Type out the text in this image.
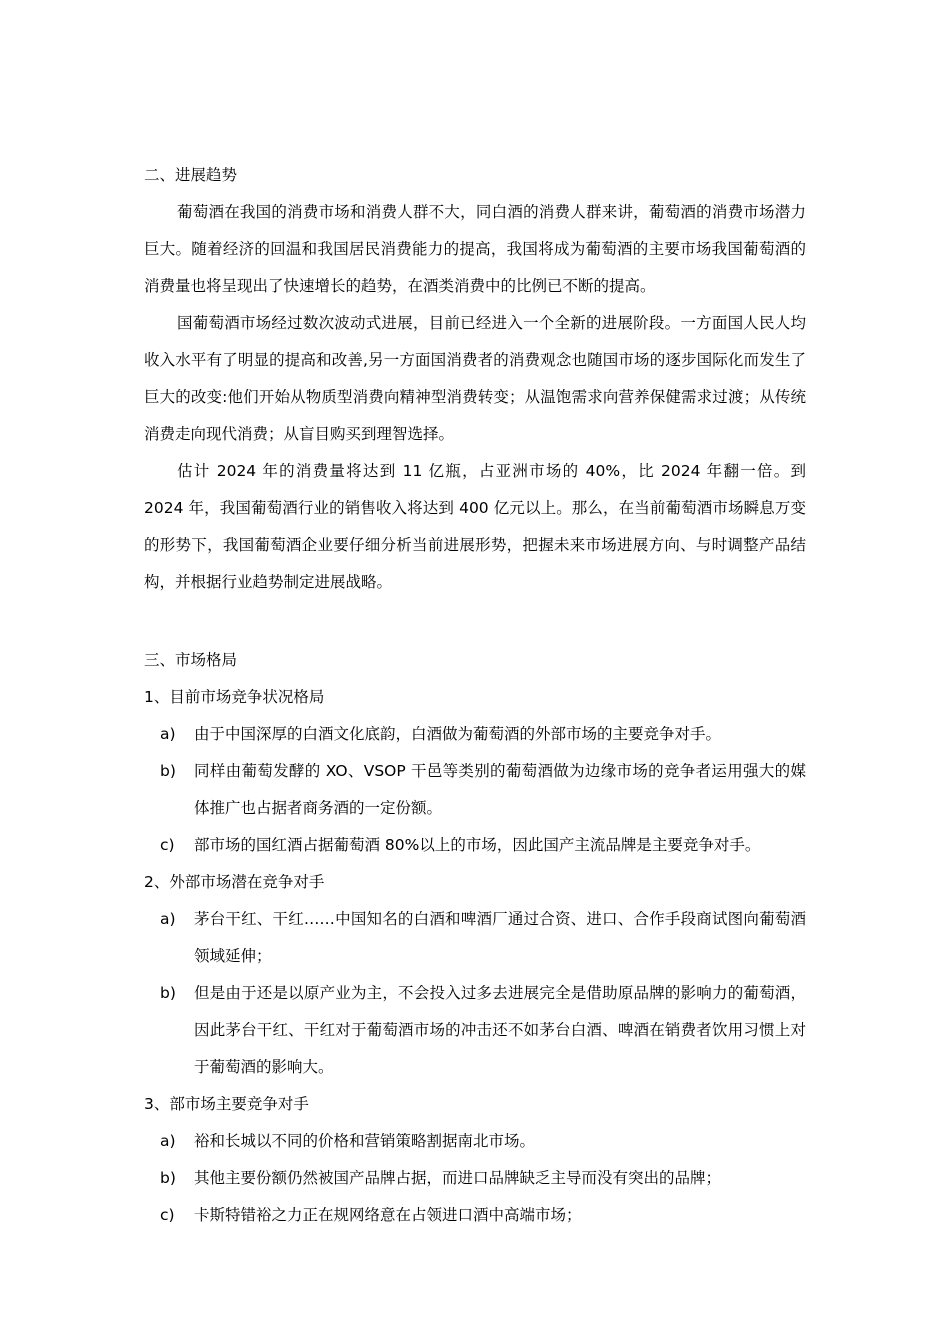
二、进展趋势

葡萄酒在我国的消费市场和消费人群不大，同白酒的消费人群来讲，葡萄酒的消费市场潜力巨大。随着经济的回温和我国居民消费能力的提高，我国将成为葡萄酒的主要市场我国葡萄酒的消费量也将呈现出了快速增长的趋势，在酒类消费中的比例已不断的提高。

国葡萄酒市场经过数次波动式进展，目前已经进入一个全新的进展阶段。一方面国人民人均收入水平有了明显的提高和改善,另一方面国消费者的消费观念也随国市场的逐步国际化而发生了巨大的改变:他们开始从物质型消费向精神型消费转变；从温饱需求向营养保健需求过渡；从传统消费走向现代消费；从盲目购买到理智选择。

估计 2024 年的消费量将达到 11 亿瓶，占亚洲市场的 40%，比 2024 年翻一倍。到 2024 年，我国葡萄酒行业的销售收入将达到 400 亿元以上。那么，在当前葡萄酒市场瞬息万变的形势下，我国葡萄酒企业要仔细分析当前进展形势，把握未来市场进展方向、与时调整产品结构，并根据行业趋势制定进展战略。

三、市场格局

1、目前市场竞争状况格局

a) 由于中国深厚的白酒文化底韵，白酒做为葡萄酒的外部市场的主要竞争对手。

b) 同样由葡萄发酵的 XO、VSOP 干邑等类别的葡萄酒做为边缘市场的竞争者运用强大的媒体推广也占据者商务酒的一定份额。

c) 部市场的国红酒占据葡萄酒 80%以上的市场，因此国产主流品牌是主要竞争对手。

2、外部市场潜在竞争对手

a) 茅台干红、干红……中国知名的白酒和啤酒厂通过合资、进口、合作手段商试图向葡萄酒领域延伸；

b) 但是由于还是以原产业为主，不会投入过多去进展完全是借助原品牌的影响力的葡萄酒，因此茅台干红、干红对于葡萄酒市场的冲击还不如茅台白酒、啤酒在销费者饮用习惯上对于葡萄酒的影响大。

3、部市场主要竞争对手

a) 裕和长城以不同的价格和营销策略割据南北市场。

b) 其他主要份额仍然被国产品牌占据，而进口品牌缺乏主导而没有突出的品牌；

c) 卡斯特错裕之力正在规网络意在占领进口酒中高端市场；
